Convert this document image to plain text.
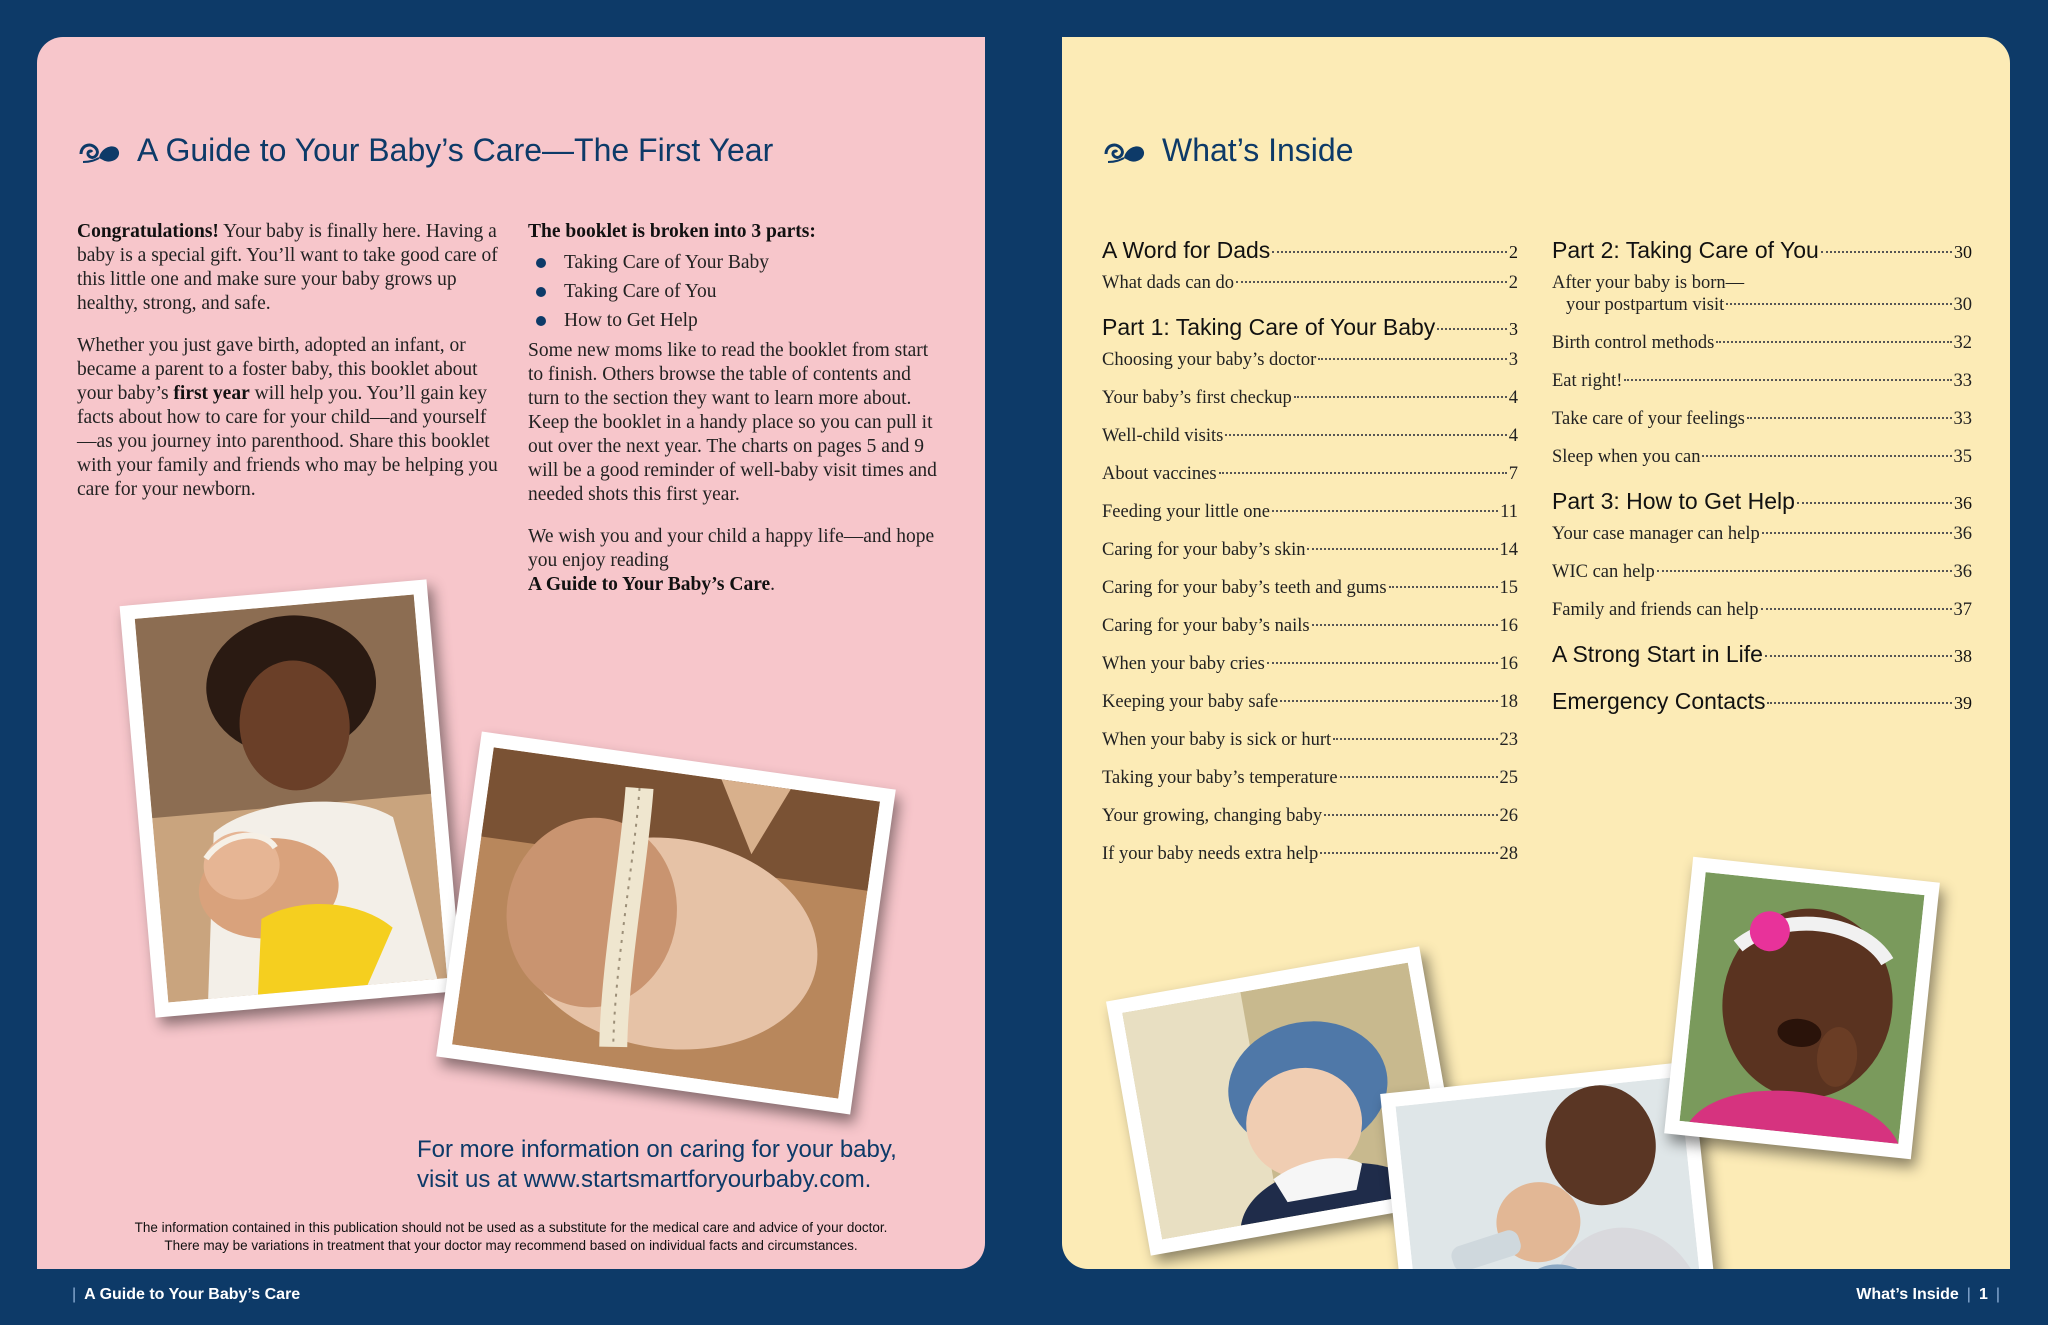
A Guide to Your Baby’s Care—The First Year

Congratulations! Your baby is finally here. Having a baby is a special gift. You’ll want to take good care of this little one and make sure your baby grows up healthy, strong, and safe.

Whether you just gave birth, adopted an infant, or became a parent to a foster baby, this booklet about your baby’s first year will help you. You’ll gain key facts about how to care for your child—and yourself—as you journey into parenthood. Share this booklet with your family and friends who may be helping you care for your newborn.

The booklet is broken into 3 parts:
Taking Care of Your Baby
Taking Care of You
How to Get Help

Some new moms like to read the booklet from start to finish. Others browse the table of contents and turn to the section they want to learn more about. Keep the booklet in a handy place so you can pull it out over the next year. The charts on pages 5 and 9 will be a good reminder of well-baby visit times and needed shots this first year.

We wish you and your child a happy life—and hope you enjoy reading
A Guide to Your Baby’s Care.

For more information on caring for your baby,
visit us at www.startsmartforyourbaby.com.
The information contained in this publication should not be used as a substitute for the medical care and advice of your doctor.
There may be variations in treatment that your doctor may recommend based on individual facts and circumstances.
What’s Inside
A Word for Dads	2
What dads can do	2
Part 1: Taking Care of Your Baby	3
Choosing your baby’s doctor	3
Your baby’s first checkup	4
Well-child visits	4
About vaccines	7
Feeding your little one	11
Caring for your baby’s skin	14
Caring for your baby’s teeth and gums	15
Caring for your baby’s nails	16
When your baby cries	16
Keeping your baby safe	18
When your baby is sick or hurt	23
Taking your baby’s temperature	25
Your growing, changing baby	26
If your baby needs extra help	28
Part 2: Taking Care of You	30
After your baby is born—
your postpartum visit	30
Birth control methods	32
Eat right!	33
Take care of your feelings	33
Sleep when you can	35
Part 3: How to Get Help	36
Your case manager can help	36
WIC can help	36
Family and friends can help	37
A Strong Start in Life	38
Emergency Contacts	39
| A Guide to Your Baby’s Care	What’s Inside | 1 |
